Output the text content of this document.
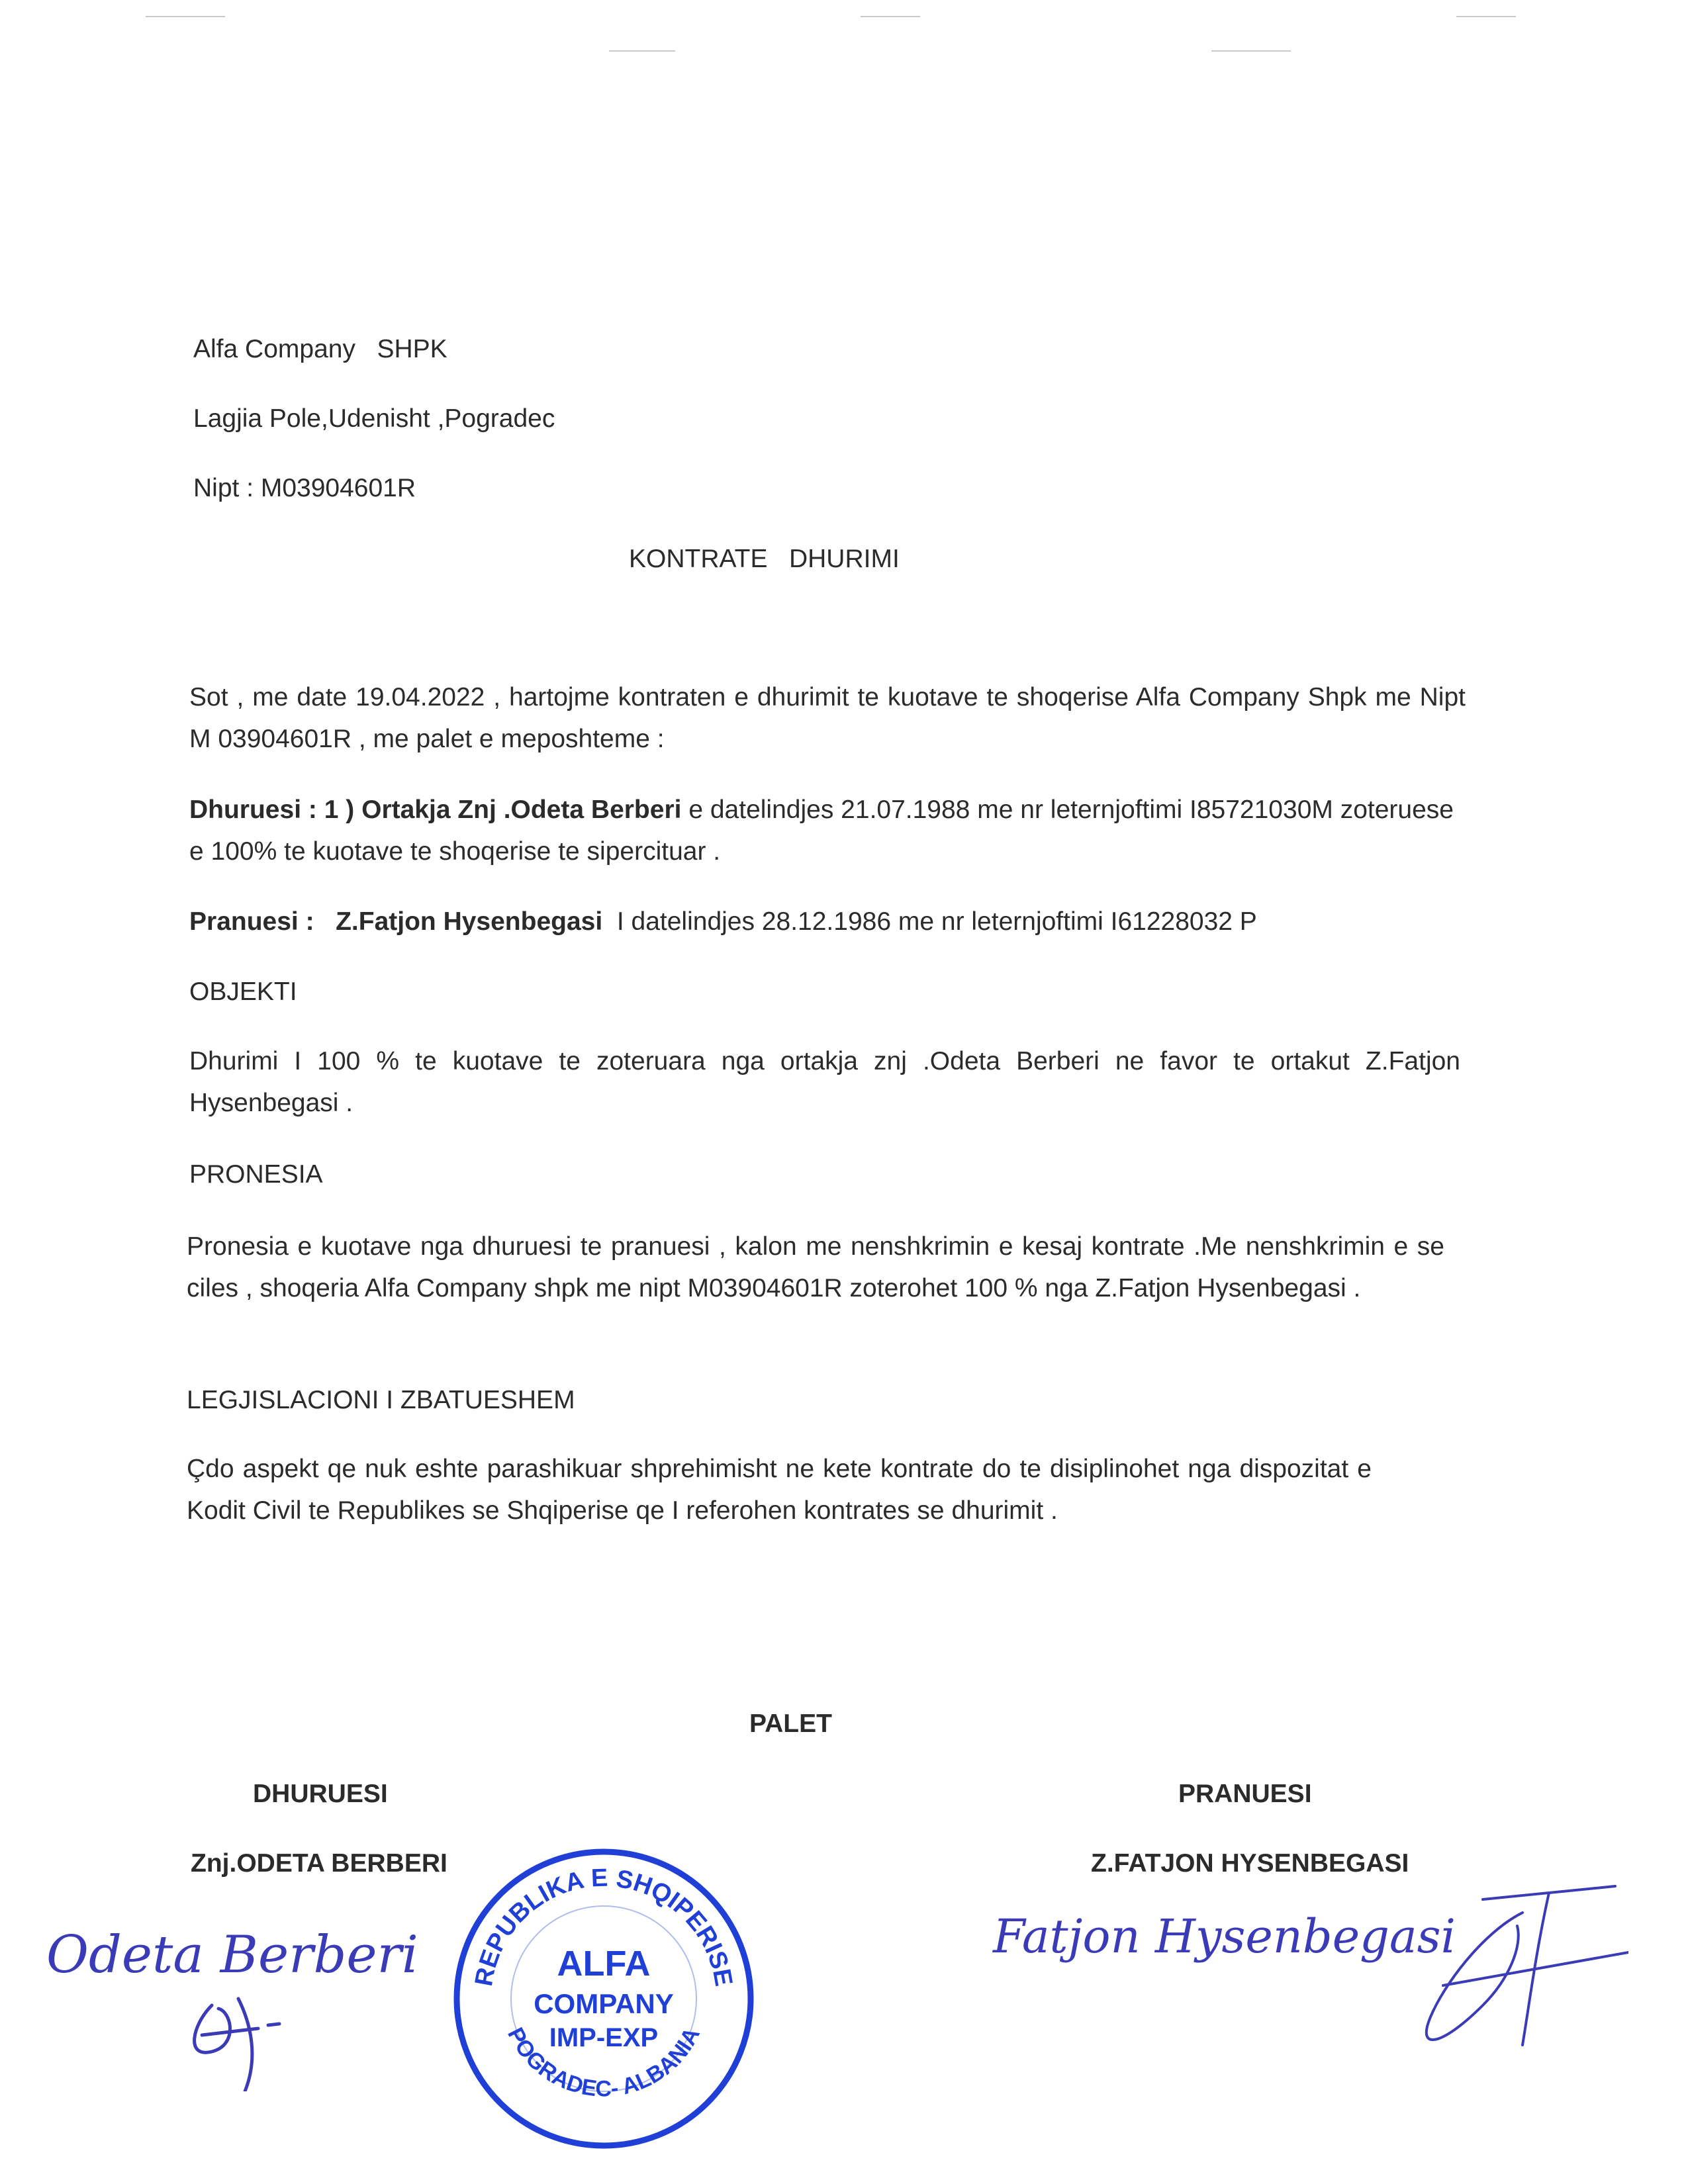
Alfa Company   SHPK
Lagjia Pole,Udenisht ,Pogradec
Nipt : M03904601R
KONTRATE   DHURIMI

Sot , me date 19.04.2022 , hartojme kontraten e dhurimit te kuotave te shoqerise Alfa Company Shpk me Nipt M 03904601R , me palet e meposhteme :

Dhuruesi : 1 ) Ortakja Znj .Odeta Berberi e datelindjes 21.07.1988 me nr leternjoftimi I85721030M zoteruese e 100% te kuotave te shoqerise te sipercituar .

Pranuesi : Z.Fatjon Hysenbegasi I datelindjes 28.12.1986 me nr leternjoftimi I61228032 P
OBJEKTI

Dhurimi I 100 % te kuotave te zoteruara nga ortakja znj .Odeta Berberi ne favor te ortakut Z.Fatjon Hysenbegasi .

PRONESIA

Pronesia e kuotave nga dhuruesi te pranuesi , kalon me nenshkrimin e kesaj kontrate .Me nenshkrimin e se ciles , shoqeria Alfa Company shpk me nipt M03904601R zoterohet 100 % nga Z.Fatjon Hysenbegasi .

LEGJISLACIONI I ZBATUESHEM

Çdo aspekt qe nuk eshte parashikuar shprehimisht ne kete kontrate do te disiplinohet nga dispozitat e Kodit Civil te Republikes se Shqiperise qe I referohen kontrates se dhurimit .

PALET
DHURUESI	PRANUESI
Znj.ODETA BERBERI	Z.FATJON HYSENBEGASI
Odeta Berberi REPUBLIKA E SHQIPERISE
POGRADEC- ALBANIA
ALFA
COMPANY
IMP-EXP
Fatjon Hysenbegasi
